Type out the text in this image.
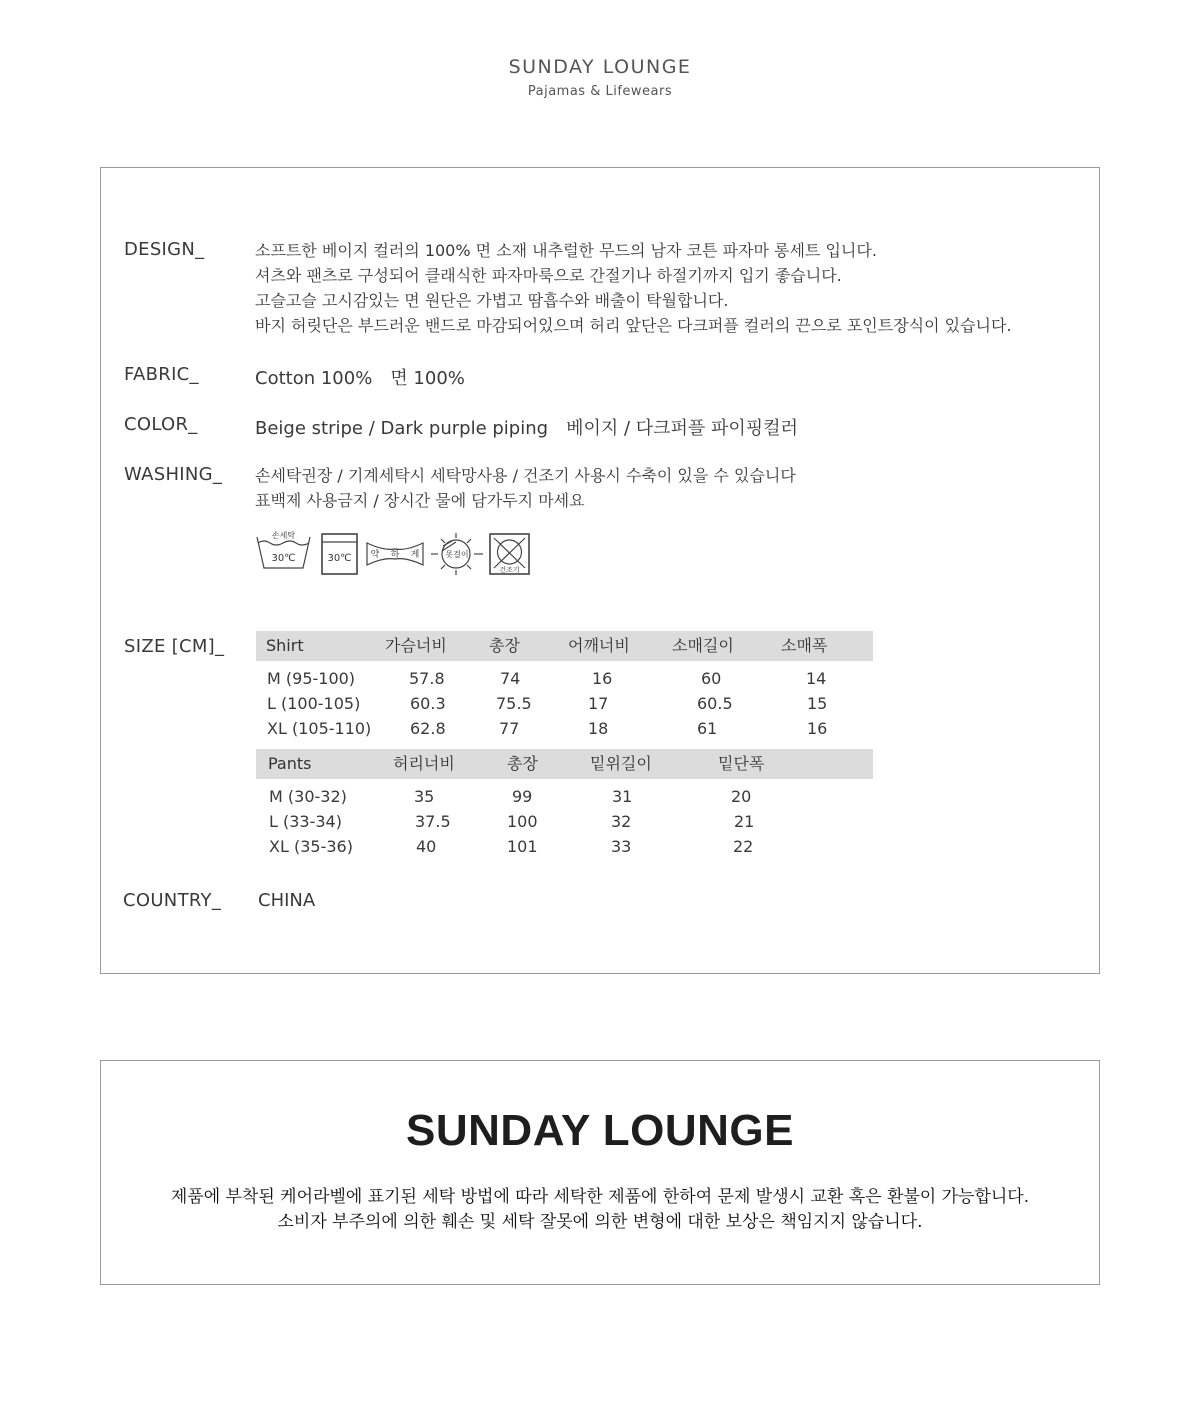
SUNDAY LOUNGE
Pajamas & Lifewears
DESIGN_	소프트한 베이지 컬러의 100% 면 소재 내추럴한 무드의 남자 코튼 파자마 롱세트 입니다.
셔츠와 팬츠로 구성되어 클래식한 파자마룩으로 간절기나 하절기까지 입기 좋습니다.
고슬고슬 고시감있는 면 원단은 가볍고 땀흡수와 배출이 탁월합니다.
바지 허릿단은 부드러운 밴드로 마감되어있으며 허리 앞단은 다크퍼플 컬러의 끈으로 포인트장식이 있습니다.
FABRIC_	Cotton 100% 면 100%
COLOR_	Beige stripe / Dark purple piping 베이지 / 다크퍼플 파이핑컬러
WASHING_ 손세탁권장 / 기계세탁시 세탁망사용 / 건조기 사용시 수축이 있을 수 있습니다
표백제 사용금지 / 장시간 물에 담가두지 마세요
손세탁
30℃	30℃ 약 하 게	못걸이
건조기
SIZE [CM]_	Shirt	가슴너비	총장	어깨너비	소매길이	소매폭
M (95-100)	57.8	74	16	60	14
L (100-105)	60.3	75.5	17	60.5	15
XL (105-110) 62.8	77	18	61	16
Pants	허리너비	총장	밑위길이	밑단폭
M (30-32)	35	99	31	20
L (33-34)	37.5	100	32	21
XL (35-36)	40	101	33	22
COUNTRY_ CHINA
SUNDAY LOUNGE
제품에 부착된 케어라벨에 표기된 세탁 방법에 따라 세탁한 제품에 한하여 문제 발생시 교환 혹은 환불이 가능합니다.
소비자 부주의에 의한 훼손 및 세탁 잘못에 의한 변형에 대한 보상은 책임지지 않습니다.
